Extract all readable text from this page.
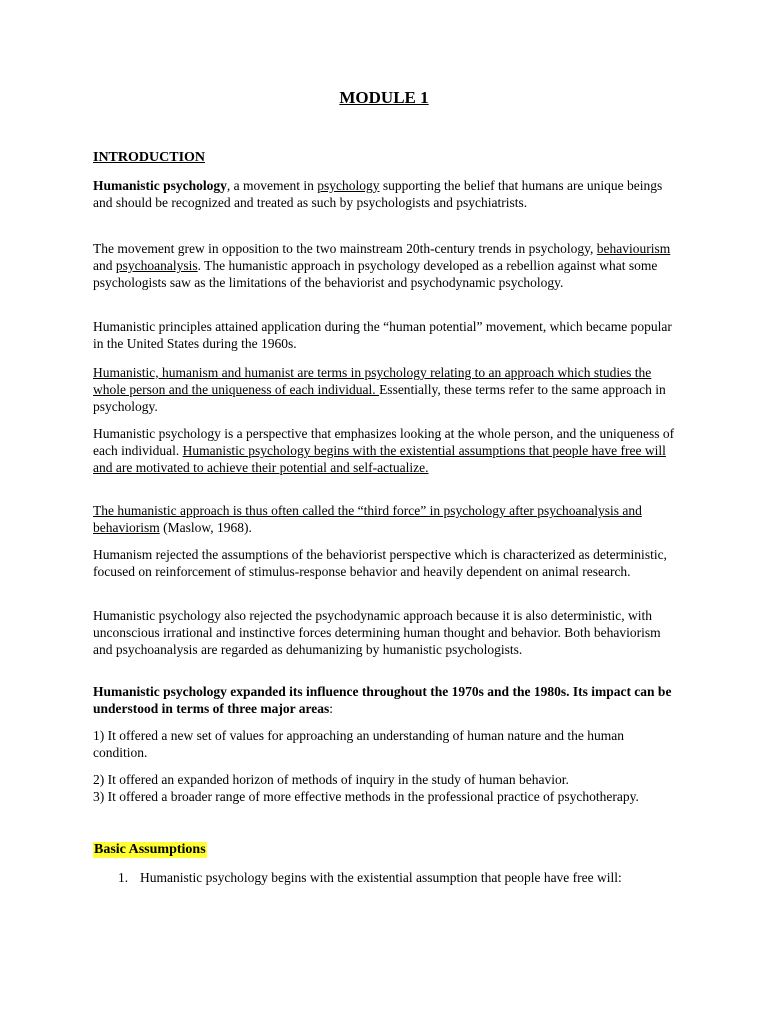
MODULE 1
INTRODUCTION
Humanistic psychology, a movement in psychology supporting the belief that humans are unique beings and should be recognized and treated as such by psychologists and psychiatrists.
The movement grew in opposition to the two mainstream 20th-century trends in psychology, behaviourism and psychoanalysis. The humanistic approach in psychology developed as a rebellion against what some psychologists saw as the limitations of the behaviorist and psychodynamic psychology.
Humanistic principles attained application during the “human potential” movement, which became popular in the United States during the 1960s.
Humanistic, humanism and humanist are terms in psychology relating to an approach which studies the whole person and the uniqueness of each individual. Essentially, these terms refer to the same approach in psychology.
Humanistic psychology is a perspective that emphasizes looking at the whole person, and the uniqueness of each individual. Humanistic psychology begins with the existential assumptions that people have free will and are motivated to achieve their potential and self-actualize.
The humanistic approach is thus often called the “third force” in psychology after psychoanalysis and behaviorism (Maslow, 1968).
Humanism rejected the assumptions of the behaviorist perspective which is characterized as deterministic, focused on reinforcement of stimulus-response behavior and heavily dependent on animal research.
Humanistic psychology also rejected the psychodynamic approach because it is also deterministic, with unconscious irrational and instinctive forces determining human thought and behavior. Both behaviorism and psychoanalysis are regarded as dehumanizing by humanistic psychologists.
Humanistic psychology expanded its influence throughout the 1970s and the 1980s. Its impact can be understood in terms of three major areas:
1) It offered a new set of values for approaching an understanding of human nature and the human condition.
2) It offered an expanded horizon of methods of inquiry in the study of human behavior.
3) It offered a broader range of more effective methods in the professional practice of psychotherapy.
Basic Assumptions
1. Humanistic psychology begins with the existential assumption that people have free will:
